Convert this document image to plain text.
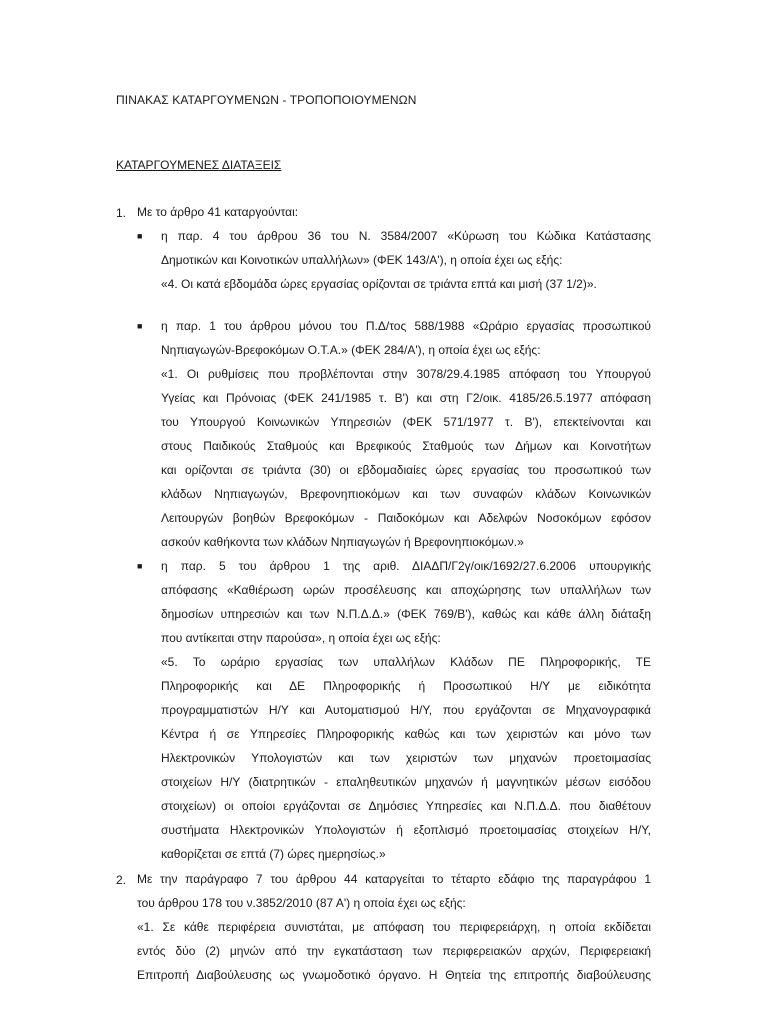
ΠΙΝΑΚΑΣ ΚΑΤΑΡΓΟΥΜΕΝΩΝ - ΤΡΟΠΟΠΟΙΟΥΜΕΝΩΝ
ΚΑΤΑΡΓΟΥΜΕΝΕΣ ΔΙΑΤΑΞΕΙΣ
1. Με το άρθρο 41 καταργούνται:
■ η παρ. 4 του άρθρου 36 του Ν. 3584/2007 «Κύρωση του Κώδικα Κατάστασης
Δημοτικών και Κοινοτικών υπαλλήλων» (ΦΕΚ 143/Α'), η οποία έχει ως εξής:
«4. Οι κατά εβδομάδα ώρες εργασίας ορίζονται σε τριάντα επτά και μισή (37 1/2)».
■ η παρ. 1 του άρθρου μόνου του Π.Δ/τος 588/1988 «Ωράριο εργασίας προσωπικού
Νηπιαγωγών-Βρεφοκόμων Ο.Τ.Α.» (ΦΕΚ 284/Α'), η οποία έχει ως εξής:
«1. Οι ρυθμίσεις που προβλέπονται στην 3078/29.4.1985 απόφαση του Υπουργού
Υγείας και Πρόνοιας (ΦΕΚ 241/1985 τ. Β') και στη Γ2/οικ. 4185/26.5.1977 απόφαση
του Υπουργού Κοινωνικών Υπηρεσιών (ΦΕΚ 571/1977 τ. Β'), επεκτείνονται και
στους Παιδικούς Σταθμούς και Βρεφικούς Σταθμούς των Δήμων και Κοινοτήτων
και ορίζονται σε τριάντα (30) οι εβδομαδιαίες ώρες εργασίας του προσωπικού των
κλάδων Νηπιαγωγών, Βρεφονηπιοκόμων και των συναφών κλάδων Κοινωνικών
Λειτουργών βοηθών Βρεφοκόμων - Παιδοκόμων και Αδελφών Νοσοκόμων εφόσον
ασκούν καθήκοντα των κλάδων Νηπιαγωγών ή Βρεφονηπιοκόμων.»
■ η παρ. 5 του άρθρου 1 της αριθ. ΔΙΑΔΠ/Γ2γ/οικ/1692/27.6.2006 υπουργικής
απόφασης «Καθιέρωση ωρών προσέλευσης και αποχώρησης των υπαλλήλων των
δημοσίων υπηρεσιών και των Ν.Π.Δ.Δ.» (ΦΕΚ 769/Β'), καθώς και κάθε άλλη διάταξη
που αντίκειται στην παρούσα», η οποία έχει ως εξής:
«5. Το ωράριο εργασίας των υπαλλήλων Κλάδων ΠΕ Πληροφορικής, ΤΕ
Πληροφορικής και ΔΕ Πληροφορικής ή Προσωπικού Η/Υ με ειδικότητα
προγραμματιστών Η/Υ και Αυτοματισμού Η/Υ, που εργάζονται σε Μηχανογραφικά
Κέντρα ή σε Υπηρεσίες Πληροφορικής καθώς και των χειριστών και μόνο των
Ηλεκτρονικών Υπολογιστών και των χειριστών των μηχανών προετοιμασίας
στοιχείων Η/Υ (διατρητικών - επαληθευτικών μηχανών ή μαγνητικών μέσων εισόδου
στοιχείων) οι οποίοι εργάζονται σε Δημόσιες Υπηρεσίες και Ν.Π.Δ.Δ. που διαθέτουν
συστήματα Ηλεκτρονικών Υπολογιστών ή εξοπλισμό προετοιμασίας στοιχείων Η/Υ,
καθορίζεται σε επτά (7) ώρες ημερησίως.»
2. Με την παράγραφο 7 του άρθρου 44 καταργείται το τέταρτο εδάφιο της παραγράφου 1
του άρθρου 178 του ν.3852/2010 (87 Α') η οποία έχει ως εξής:
«1. Σε κάθε περιφέρεια συνιστάται, με απόφαση του περιφερειάρχη, η οποία εκδίδεται
εντός δύο (2) μηνών από την εγκατάσταση των περιφερειακών αρχών, Περιφερειακή
Επιτροπή Διαβούλευσης ως γνωμοδοτικό όργανο. Η Θητεία της επιτροπής διαβούλευσης
